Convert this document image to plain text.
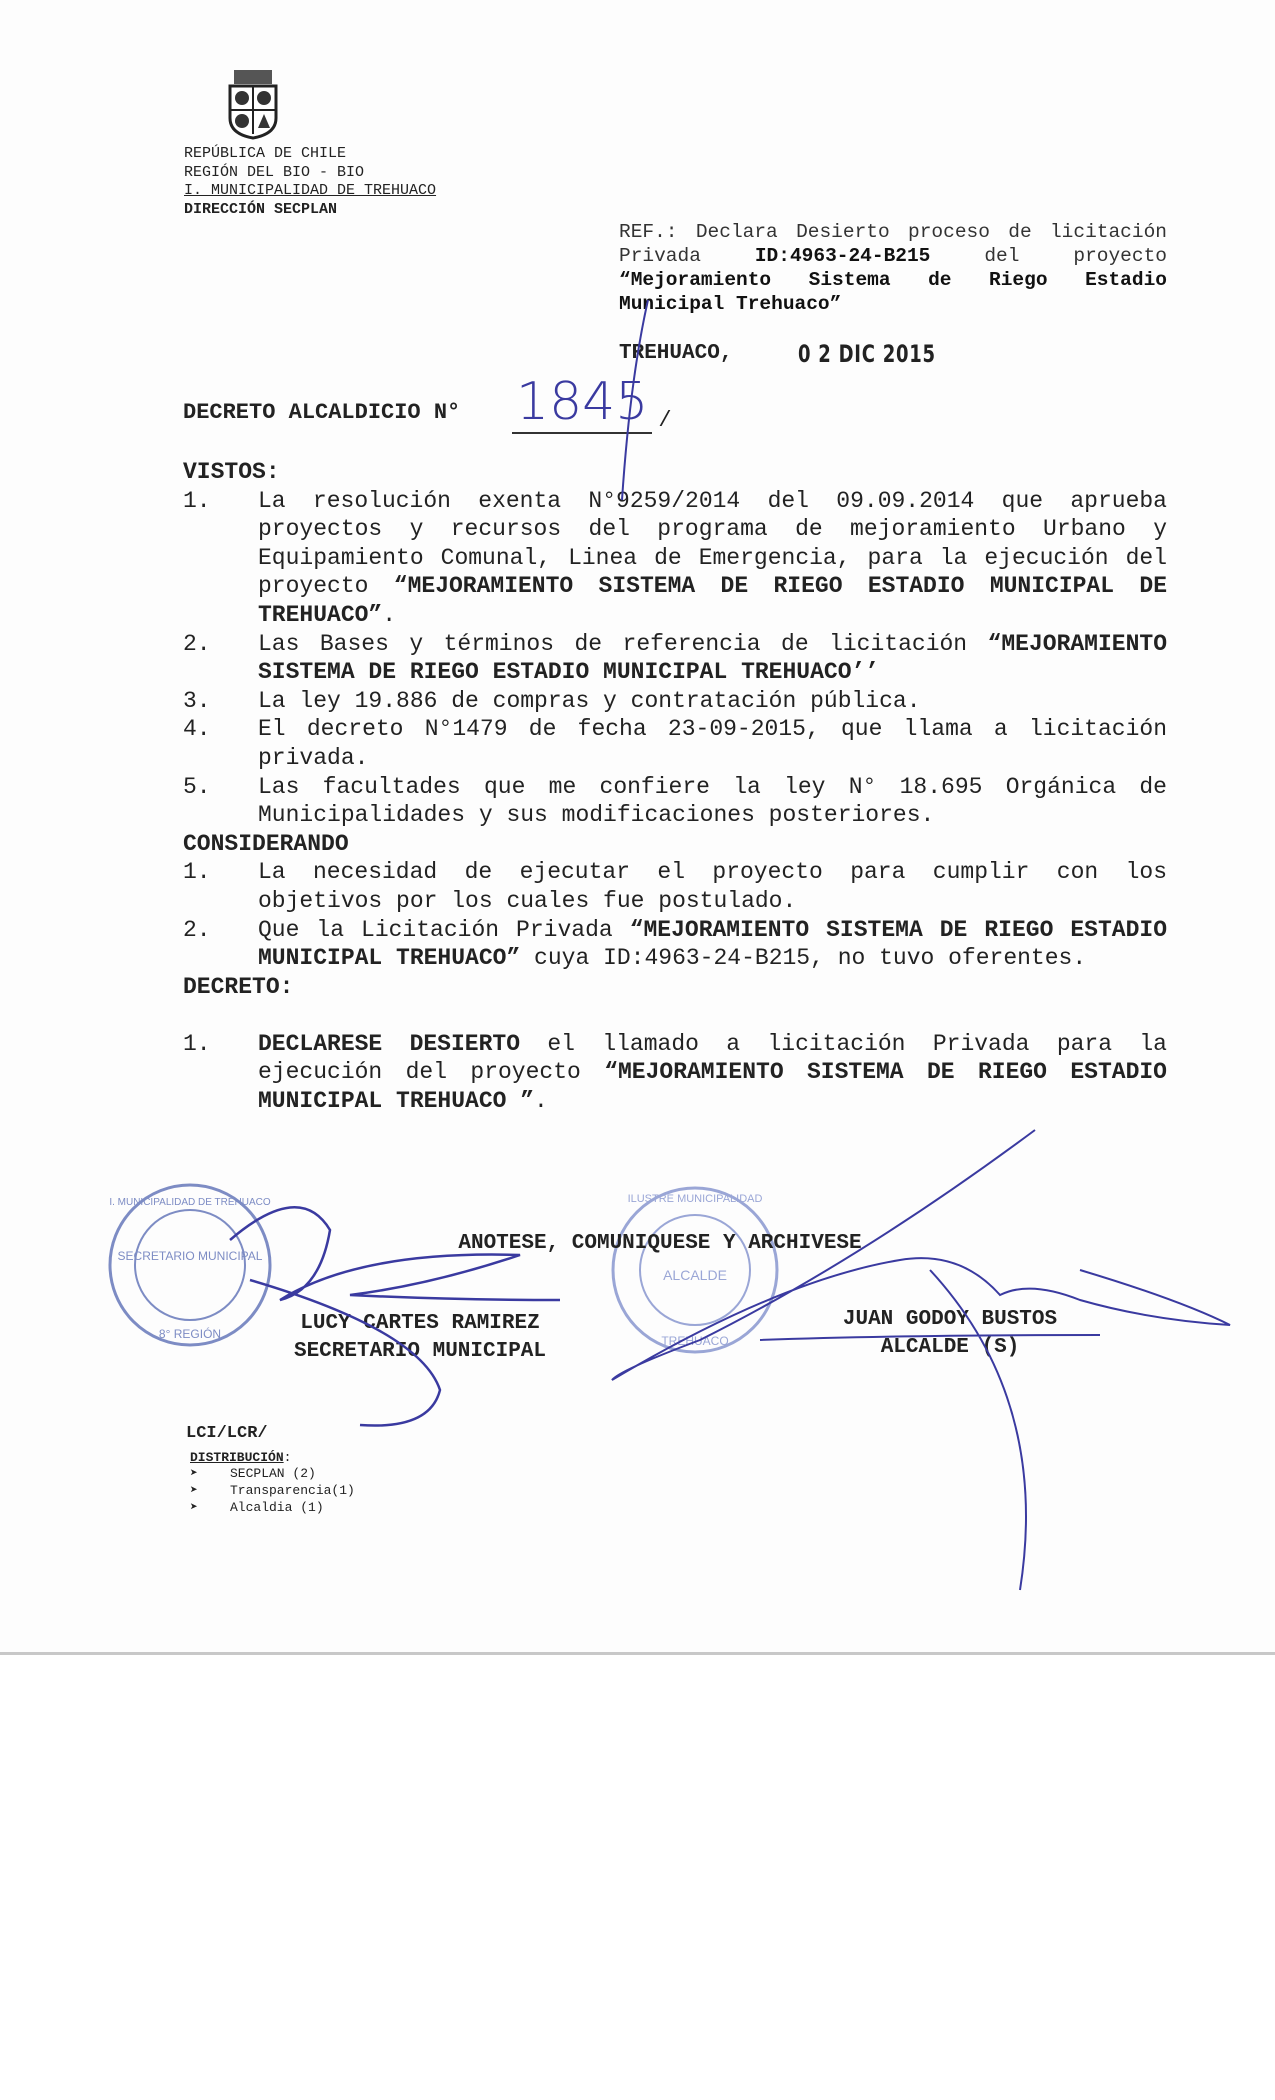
REPÚBLICA DE CHILE
REGIÓN DEL BIO - BIO
I. MUNICIPALIDAD DE TREHUACO
DIRECCIÓN SECPLAN
REF.: Declara Desierto proceso de licitación Privada ID:4963-24-B215 del proyecto “Mejoramiento Sistema de Riego Estadio Municipal Trehuaco”
TREHUACO,	0 2 DIC 2015
DECRETO ALCALDICIO N° 1845 /
VISTOS:
1.	La resolución exenta N°9259/2014 del 09.09.2014 que aprueba proyectos y recursos del programa de mejoramiento Urbano y Equipamiento Comunal, Linea de Emergencia, para la ejecución del proyecto “MEJORAMIENTO SISTEMA DE RIEGO ESTADIO MUNICIPAL DE TREHUACO”.
2.	Las Bases y términos de referencia de licitación “MEJORAMIENTO SISTEMA DE RIEGO ESTADIO MUNICIPAL TREHUACO’’
3.	La ley 19.886 de compras y contratación pública.
4.	El decreto N°1479 de fecha 23-09-2015, que llama a licitación privada.
5.	Las facultades que me confiere la ley N° 18.695 Orgánica de Municipalidades y sus modificaciones posteriores.
CONSIDERANDO
1.	La necesidad de ejecutar el proyecto para cumplir con los objetivos por los cuales fue postulado.
2.	Que la Licitación Privada “MEJORAMIENTO SISTEMA DE RIEGO ESTADIO MUNICIPAL TREHUACO” cuya ID:4963-24-B215, no tuvo oferentes.
DECRETO:
1.	DECLARESE DESIERTO el llamado a licitación Privada para la ejecución del proyecto “MEJORAMIENTO SISTEMA DE RIEGO ESTADIO MUNICIPAL TREHUACO ”.
SECRETARIO MUNICIPAL
8° REGIÓN
I. MUNICIPALIDAD DE TREHUACO	ILUSTRE MUNICIPALIDAD
ALCALDE
TREHUACO
ANOTESE, COMUNIQUESE Y ARCHIVESE
LUCY CARTES RAMIREZ
SECRETARIO MUNICIPAL
JUAN GODOY BUSTOS
ALCALDE (S)
LCI/LCR/
DISTRIBUCIÓN:
➤ SECPLAN (2)
➤ Transparencia(1)
➤ Alcaldia (1)
